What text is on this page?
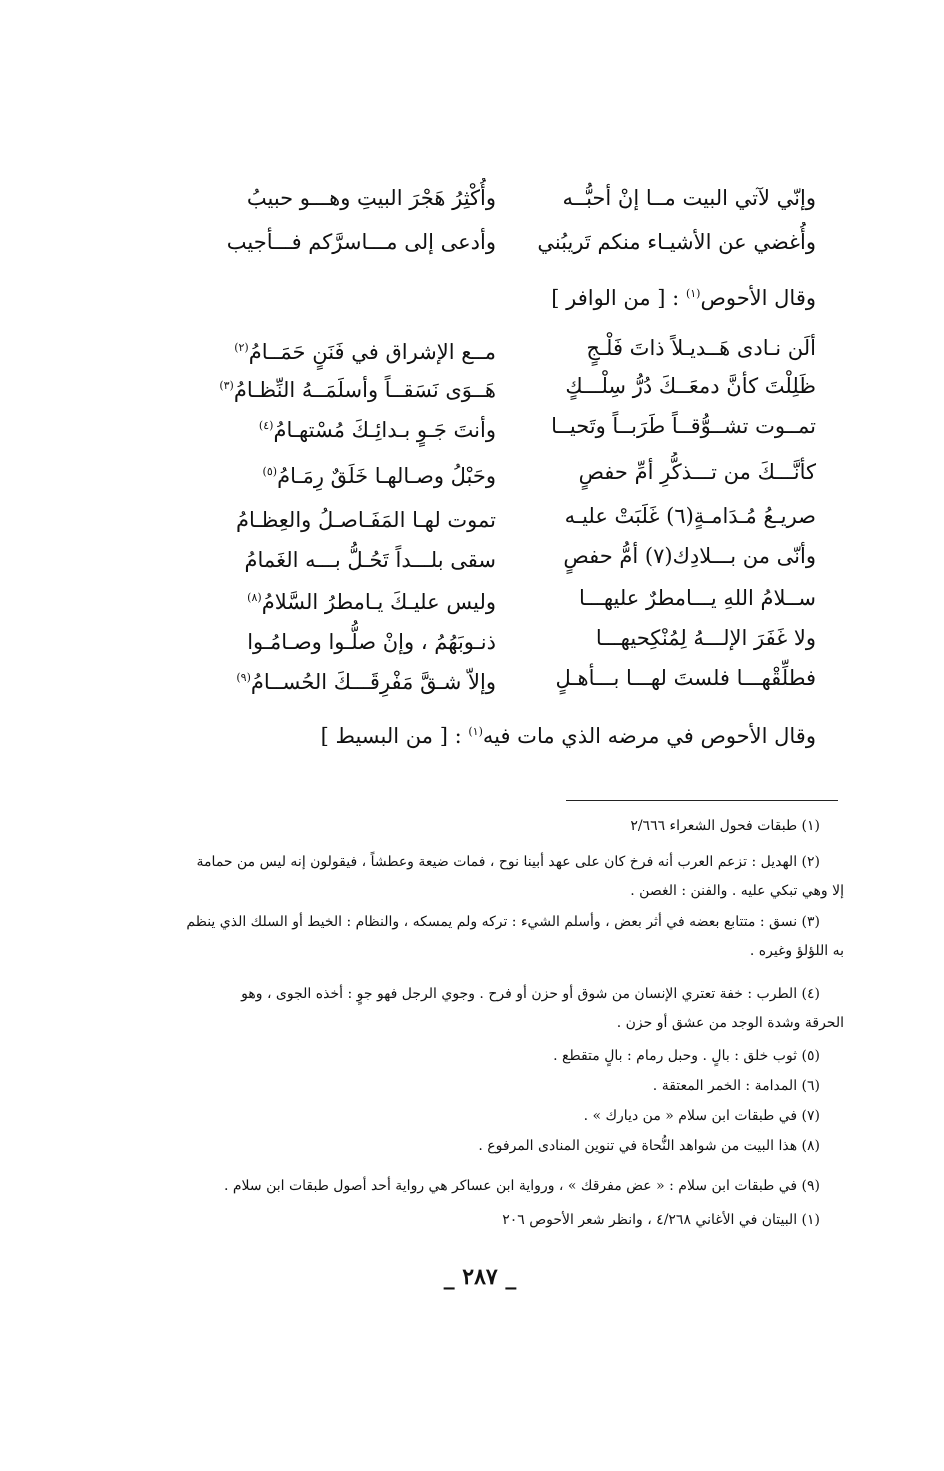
وإنّي لآتي البيت مــا إنْ أحبُّــه
وأُكْثِرُ هَجْرَ البيتِ وهـــو حبيبُ
وأُغضي عن الأشيـاء منكم تَريبُني
وأدعى إلى مـــاسرَّكم فـــأجيب
وقال الأحوص$^{(١)}$ : [ من الوافر ]
ألَن نـادى هَــديـلاً ذاتَ فَلْـجٍ
مــع الإشراق في فَنَنٍ حَمَــامُ$^{(٢)}$
ظَلِلْتَ كأنَّ دمعَــكَ دُرُّ سِلْـــكٍ
هَــوَى نَسَقــاً وأسلَمَــهُ النِّظـامُ$^{(٣)}$
تمــوت تشــوُّقــاً طَرَبــاً وتَحيــا
وأنتَ جَـوٍ بـدائِـكَ مُسْتهـامُ$^{(٤)}$
كأنَّـــكَ من تـــذكُّرِ أمِّ حفصٍ
وحَبْلُ وصـالهـا خَلَقٌ رِمَـامُ$^{(٥)}$
صريـعُ مُـدَامـةٍ(٦) غَلَبَتْ عليـه
تموت لهـا المَفَـاصـلُ والعِظـامُ
وأنّى من بـــلادِك(٧) أمُّ حفصٍ
سقى بلـــداً تَحُـلُّ بـــه الغَمامُ
ســلامُ اللهِ يـــامطرٌ عليهـــا
وليس عليـكَ يـامطرُ السَّلامُ$^{(٨)}$
ولا غَفَرَ الإلـــهُ لِمُنْكِحيهـــا
ذنـوبَهُمُ ، وإنْ صلُّـوا وصـامُـوا
فطلِّقْهـــا فلستَ لهـــا بـــأهـلٍ
وإلاّ شـقَّ مَفْرِقَـــكَ الحُســامُ$^{(٩)}$
وقال الأحوص في مرضه الذي مات فيه$^{(١)}$ : [ من البسيط ]
(١) طبقات فحول الشعراء ٢/٦٦٦
(٢) الهديل : تزعم العرب أنه فرخ كان على عهد أبينا نوح ، فمات ضيعة وعطشاً ، فيقولون إنه ليس من حمامة
إلا وهي تبكي عليه . والفنن : الغصن .
(٣) نسق : متتابع بعضه في أثر بعض ، وأسلم الشيء : تركه ولم يمسكه ، والنظام : الخيط أو السلك الذي ينظم
به اللؤلؤ وغيره .
(٤) الطرب : خفة تعتري الإنسان من شوق أو حزن أو فرح . وجوي الرجل فهو جوٍ : أخذه الجوى ، وهو
الحرقة وشدة الوجد من عشق أو حزن .
(٥) ثوب خلق : بالٍ . وحبل رمام : بالٍ متقطع .
(٦) المدامة : الخمر المعتقة .
(٧) في طبقات ابن سلام « من ديارك » .
(٨) هذا البيت من شواهد النُّحاة في تنوين المنادى المرفوع .
(٩) في طبقات ابن سلام : « عض مفرقك » ، ورواية ابن عساكر هي رواية أحد أصول طبقات ابن سلام .
(١) البيتان في الأغاني ٤/٢٦٨ ، وانظر شعر الأحوص ٢٠٦
_ ٢٨٧ _
